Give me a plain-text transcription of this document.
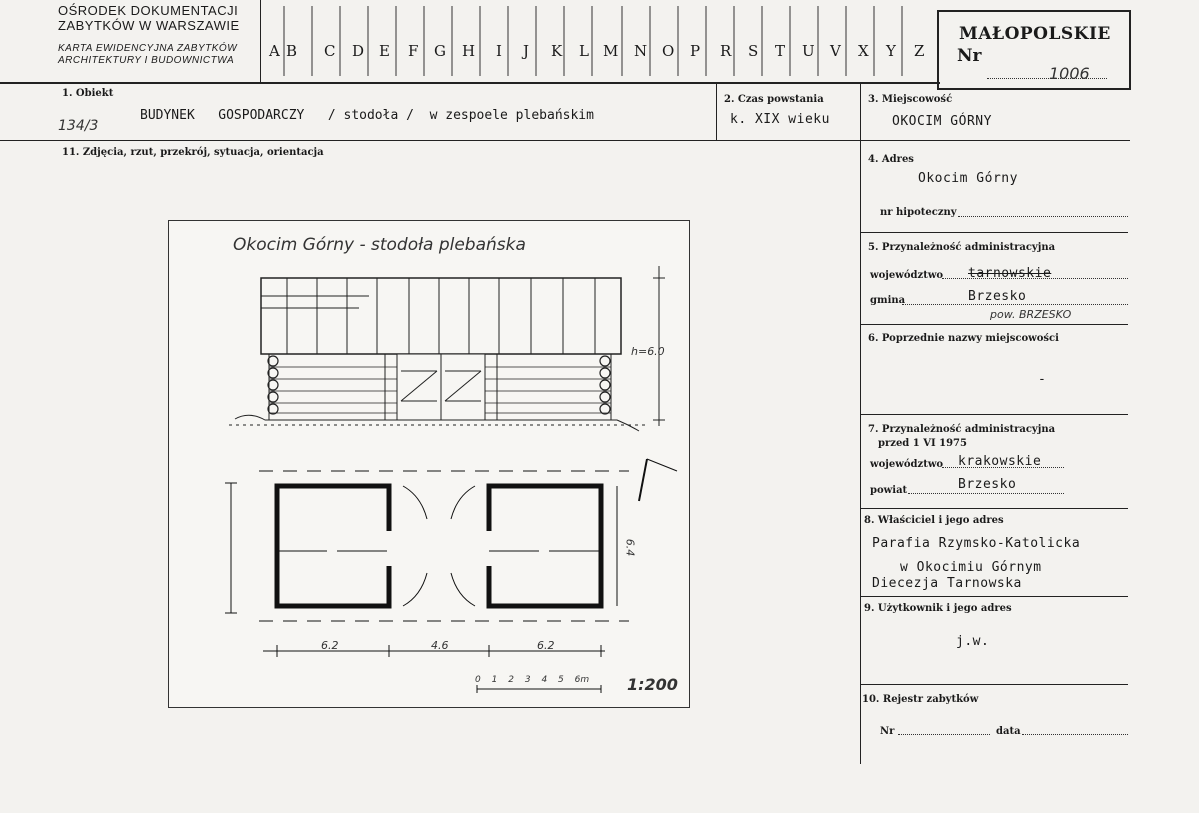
OŚRODEK DOKUMENTACJI
ZABYTKÓW W WARSZAWIE
KARTA EWIDENCYJNA ZABYTKÓW
ARCHITEKTURY I BUDOWNICTWA
A B C D E F G H I J K L M N O P R S T U V X Y Z
MAŁOPOLSKIE
Nr
1006
1. Obiekt
134/3
BUDYNEK   GOSPODARCZY   / stodoła /  w zespoele plebańskim
2. Czas powstania
k. XIX wieku
3. Miejscowość
OKOCIM GÓRNY
11. Zdjęcia, rzut, przekrój, sytuacja, orientacja
Okocim Górny - stodoła plebańska
h=6.0
6.4
6.2	4.6	6.2
0 1 2 3 4 5 6m 1:200
4. Adres
Okocim Górny
nr hipoteczny
5. Przynależność administracyjna
województwo tarnowskie
gmina	Brzesko
pow. BRZESKO
6. Poprzednie nazwy miejscowości
-
7. Przynależność administracyjna
przed 1 VI 1975
województwo krakowskie
powiat	Brzesko
8. Właściciel i jego adres
Parafia Rzymsko-Katolicka
w Okocimiu Górnym
Diecezja Tarnowska
9. Użytkownik i jego adres
j.w.
10. Rejestr zabytków
Nr	data
